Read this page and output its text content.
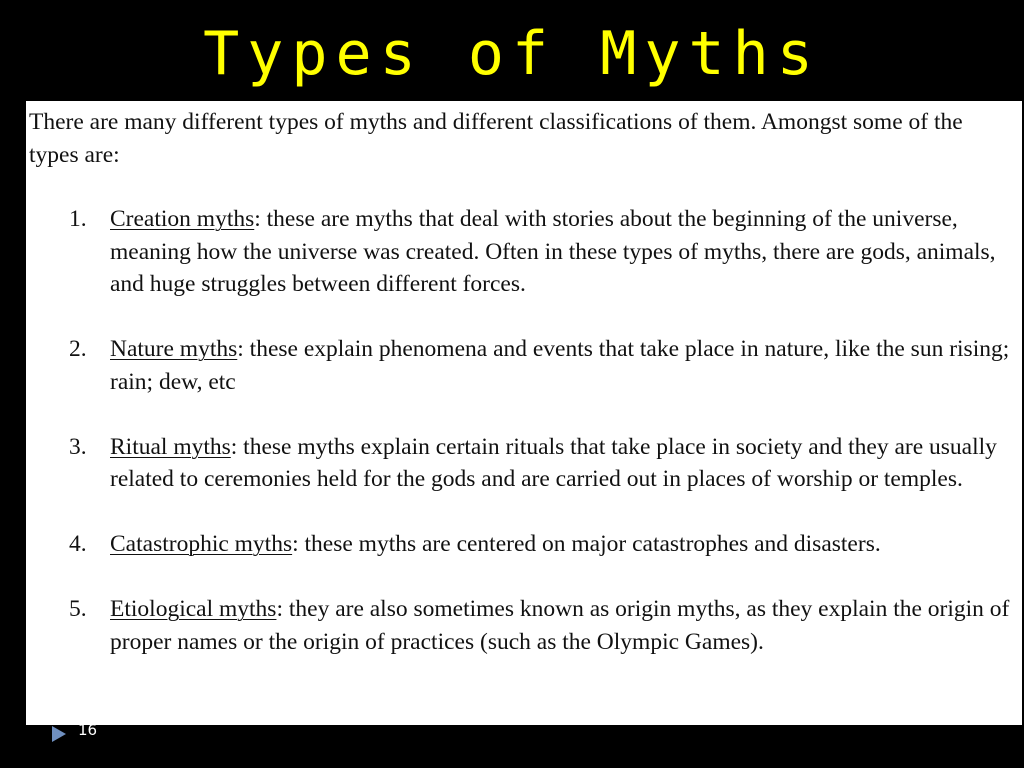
Types of Myths

There are many different types of myths and different classifications of them. Amongst some of the types are:

1. Creation myths: these are myths that deal with stories about the beginning of the universe, meaning how the universe was created. Often in these types of myths, there are gods, animals, and huge struggles between different forces.
2. Nature myths: these explain phenomena and events that take place in nature, like the sun rising; rain; dew, etc
3. Ritual myths: these myths explain certain rituals that take place in society and they are usually related to ceremonies held for the gods and are carried out in places of worship or temples.
4. Catastrophic myths: these myths are centered on major catastrophes and disasters.
5. Etiological myths: they are also sometimes known as origin myths, as they explain the origin of proper names or the origin of practices (such as the Olympic Games).
16
